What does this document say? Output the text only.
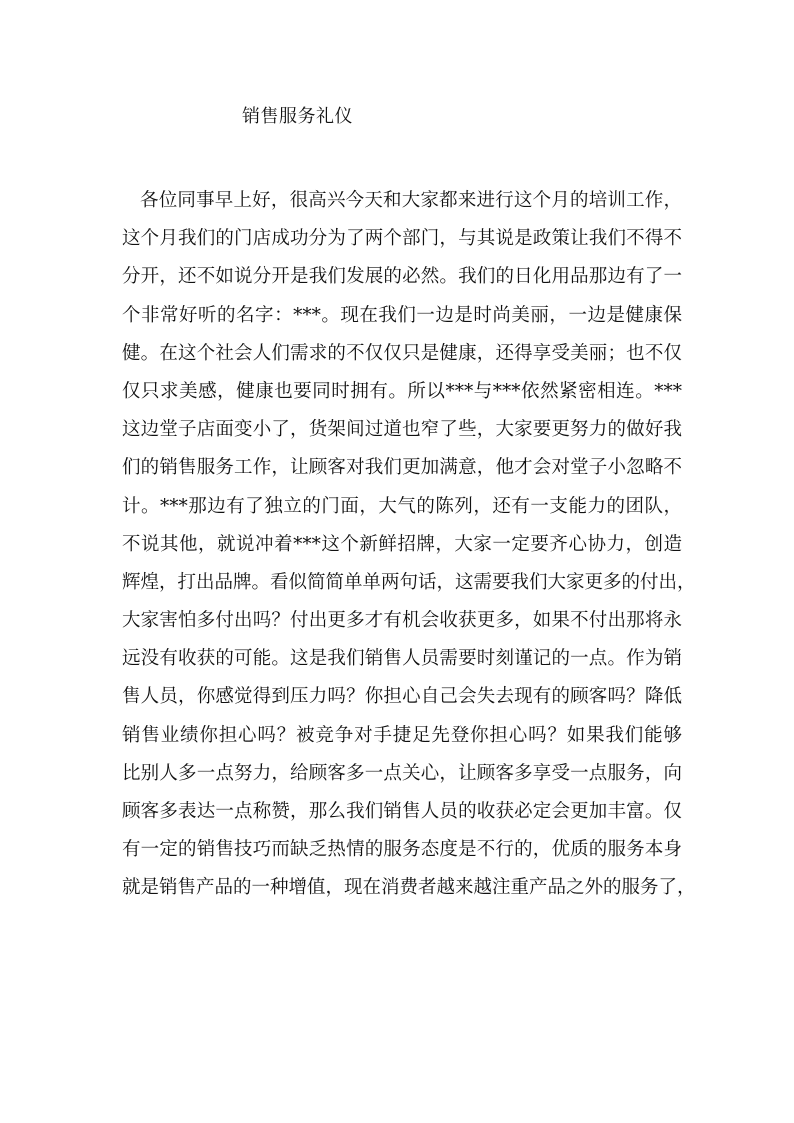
销售服务礼仪
各位同事早上好，很高兴今天和大家都来进行这个月的培训工作，
这个月我们的门店成功分为了两个部门，与其说是政策让我们不得不
分开，还不如说分开是我们发展的必然。我们的日化用品那边有了一
个非常好听的名字：***。现在我们一边是时尚美丽，一边是健康保
健。在这个社会人们需求的不仅仅只是健康，还得享受美丽；也不仅
仅只求美感，健康也要同时拥有。所以***与***依然紧密相连。***
这边堂子店面变小了，货架间过道也窄了些，大家要更努力的做好我
们的销售服务工作，让顾客对我们更加满意，他才会对堂子小忽略不
计。***那边有了独立的门面，大气的陈列，还有一支能力的团队，
不说其他，就说冲着***这个新鲜招牌，大家一定要齐心协力，创造
辉煌，打出品牌。看似简简单单两句话，这需要我们大家更多的付出，
大家害怕多付出吗？付出更多才有机会收获更多，如果不付出那将永
远没有收获的可能。这是我们销售人员需要时刻谨记的一点。作为销
售人员，你感觉得到压力吗？你担心自己会失去现有的顾客吗？降低
销售业绩你担心吗？被竞争对手捷足先登你担心吗？如果我们能够
比别人多一点努力，给顾客多一点关心，让顾客多享受一点服务，向
顾客多表达一点称赞，那么我们销售人员的收获必定会更加丰富。仅
有一定的销售技巧而缺乏热情的服务态度是不行的，优质的服务本身
就是销售产品的一种增值，现在消费者越来越注重产品之外的服务了，
